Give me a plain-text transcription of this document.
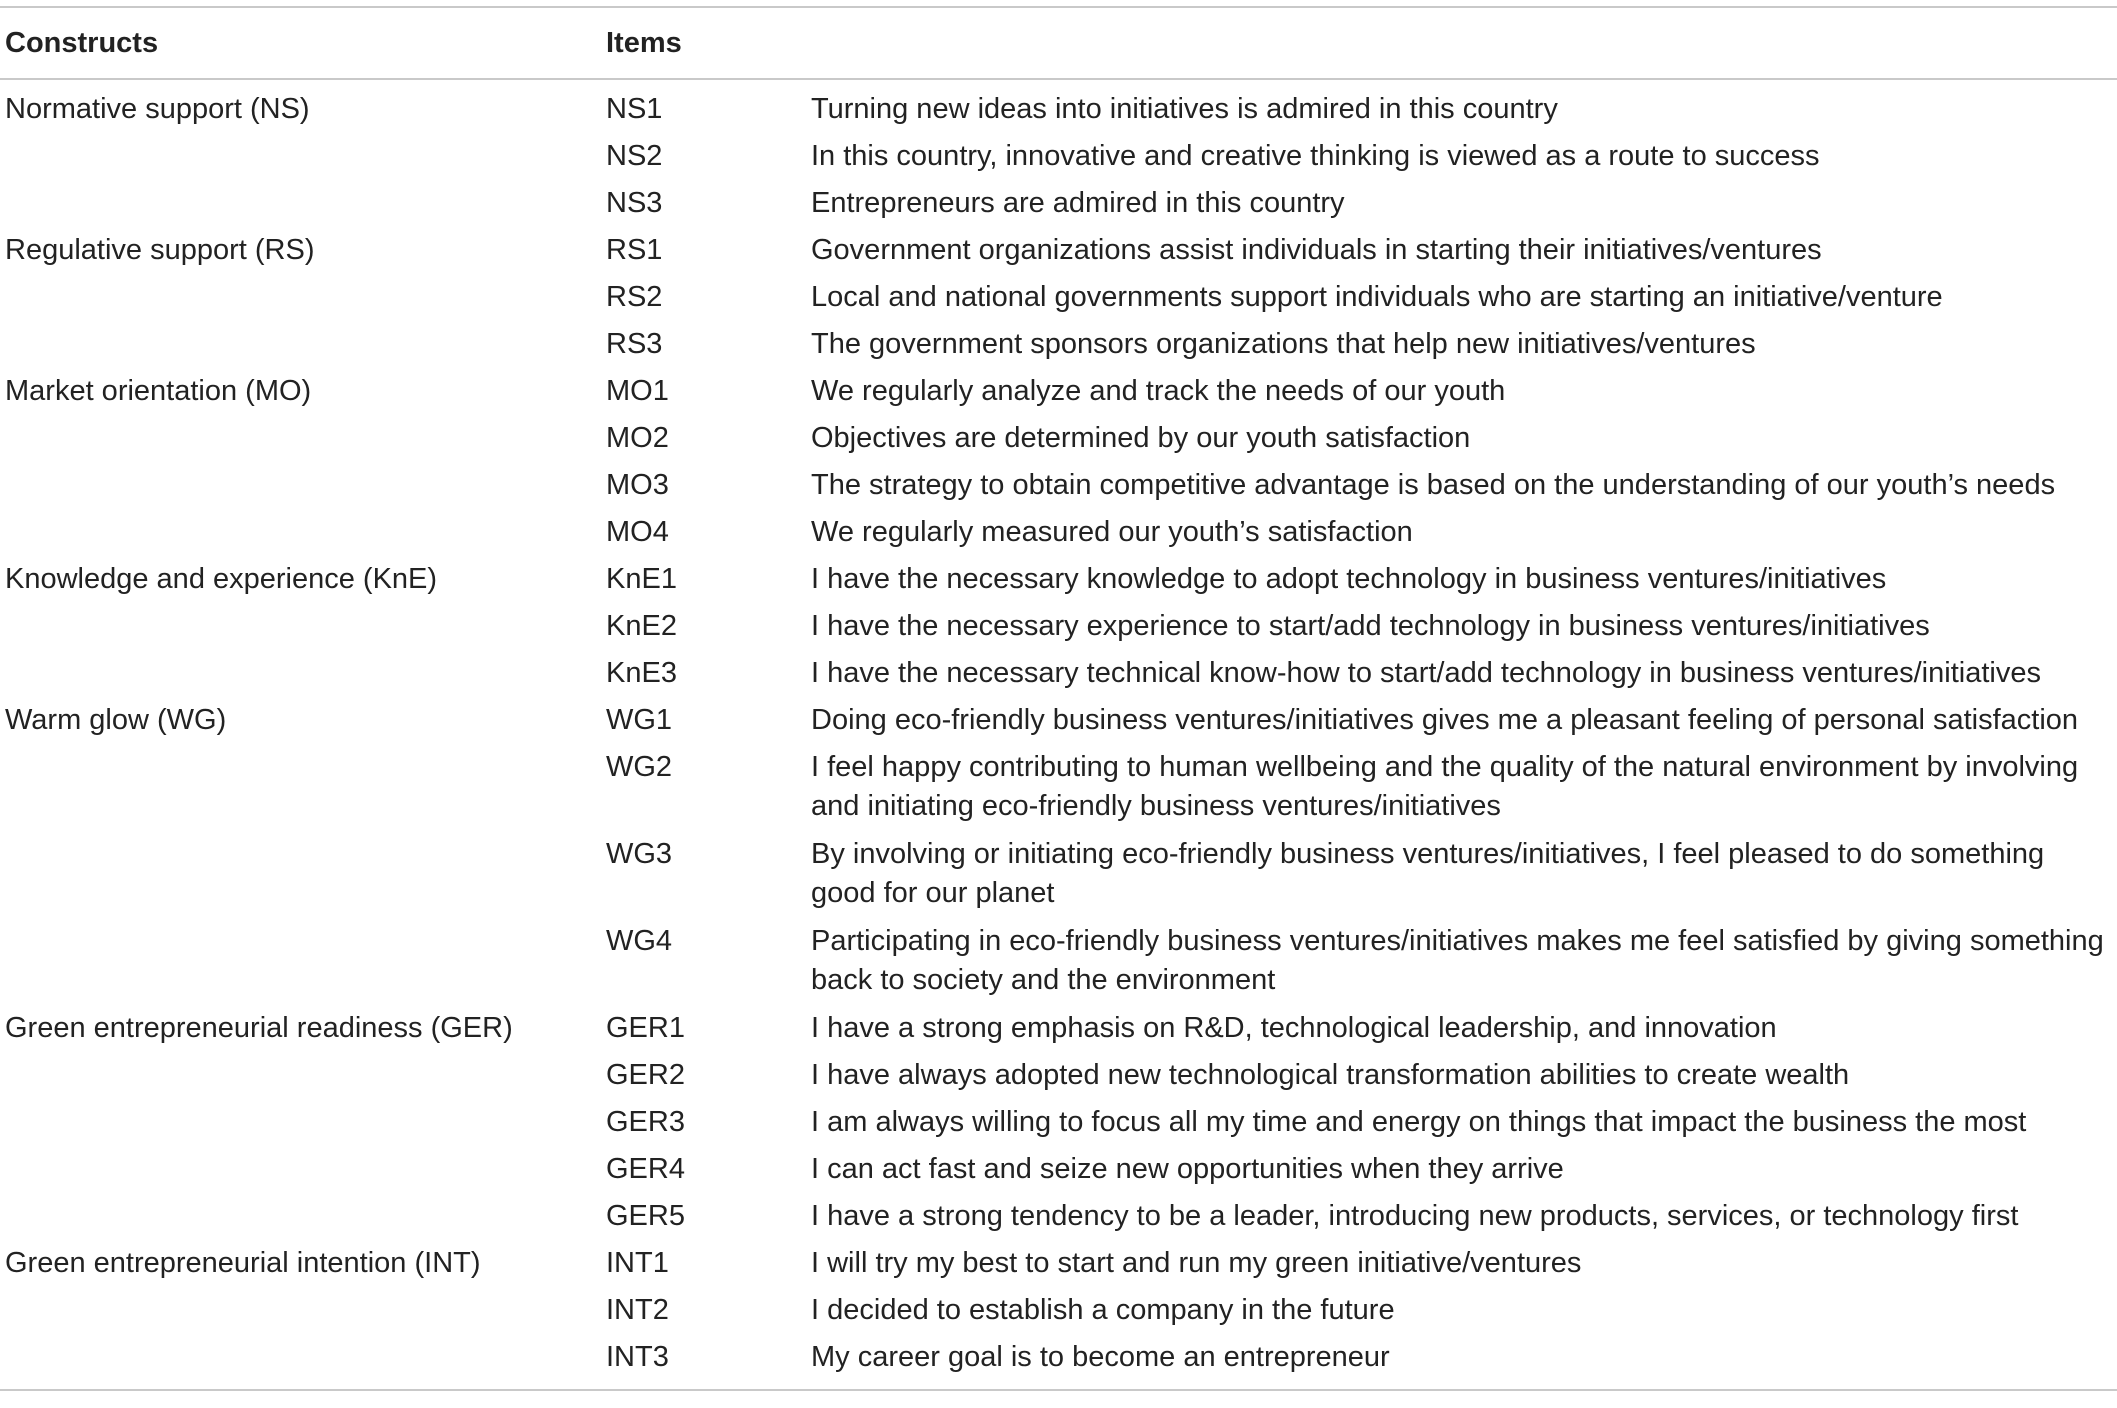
Constructs	Items
Normative support (NS)	NS1	Turning new ideas into initiatives is admired in this country
NS2	In this country, innovative and creative thinking is viewed as a route to success
NS3	Entrepreneurs are admired in this country
Regulative support (RS)	RS1	Government organizations assist individuals in starting their initiatives/ventures
RS2	Local and national governments support individuals who are starting an initiative/venture
RS3	The government sponsors organizations that help new initiatives/ventures
Market orientation (MO)	MO1	We regularly analyze and track the needs of our youth
MO2	Objectives are determined by our youth satisfaction
MO3	The strategy to obtain competitive advantage is based on the understanding of our youth’s needs
MO4	We regularly measured our youth’s satisfaction
Knowledge and experience (KnE)	KnE1	I have the necessary knowledge to adopt technology in business ventures/initiatives
KnE2	I have the necessary experience to start/add technology in business ventures/initiatives
KnE3	I have the necessary technical know-how to start/add technology in business ventures/initiatives
Warm glow (WG)	WG1	Doing eco-friendly business ventures/initiatives gives me a pleasant feeling of personal satisfaction
WG2	I feel happy contributing to human wellbeing and the quality of the natural environment by involving and initiating eco-friendly business ventures/initiatives
WG3	By involving or initiating eco-friendly business ventures/initiatives, I feel pleased to do something good for our planet
WG4	Participating in eco-friendly business ventures/initiatives makes me feel satisfied by giving something back to society and the environment
Green entrepreneurial readiness (GER)	GER1	I have a strong emphasis on R&D, technological leadership, and innovation
GER2	I have always adopted new technological transformation abilities to create wealth
GER3	I am always willing to focus all my time and energy on things that impact the business the most
GER4	I can act fast and seize new opportunities when they arrive
GER5	I have a strong tendency to be a leader, introducing new products, services, or technology first
Green entrepreneurial intention (INT)	INT1	I will try my best to start and run my green initiative/ventures
INT2	I decided to establish a company in the future
INT3	My career goal is to become an entrepreneur
